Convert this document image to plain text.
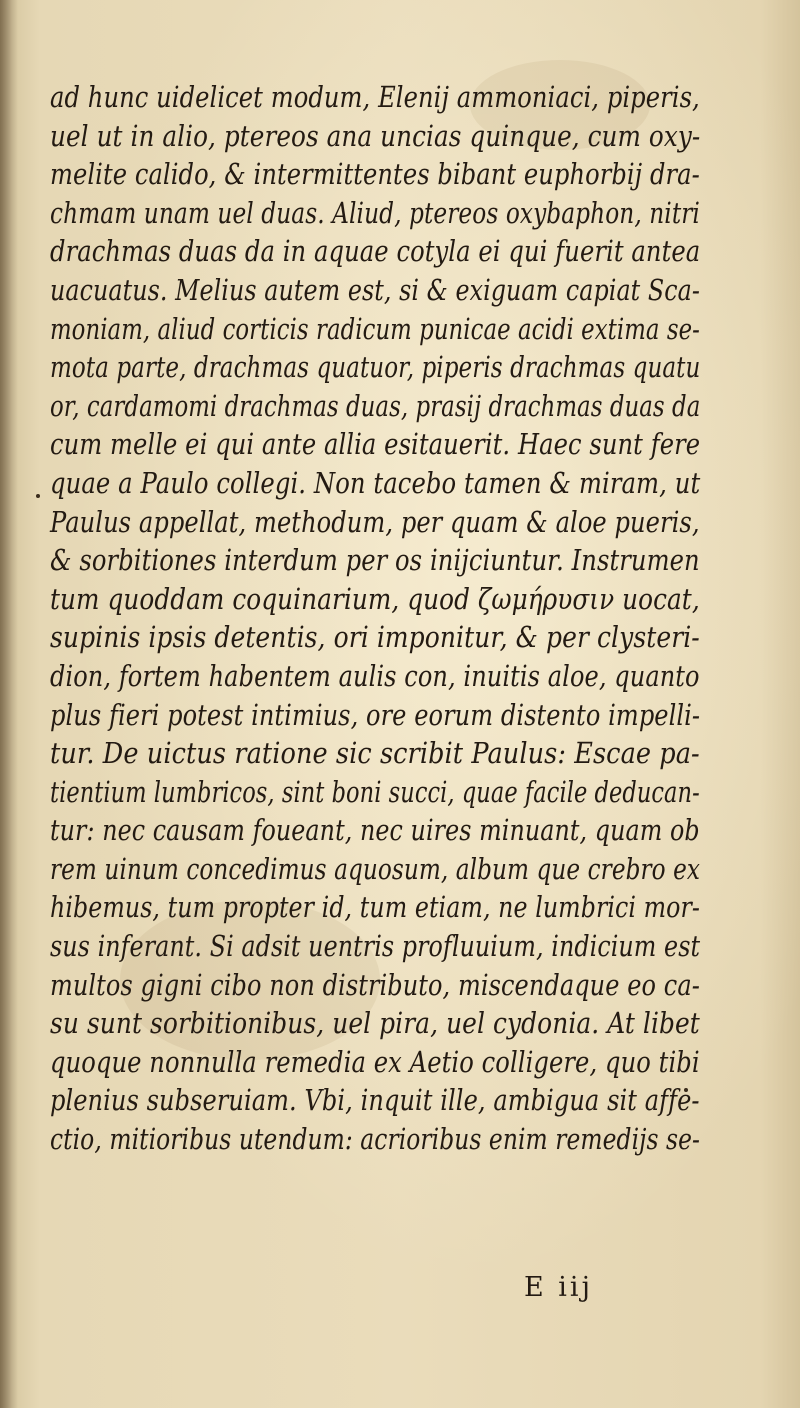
ad hunc uidelicet modum, Elenij ammoniaci, piperis,
uel ut in alio, ptereos ana uncias quinque, cum oxy-
melite calido, & intermittentes bibant euphorbij dra-
chmam unam uel duas. Aliud, ptereos oxybaphon, nitri
drachmas duas da in aquae cotyla ei qui fuerit antea
uacuatus. Melius autem est, si & exiguam capiat Sca-
moniam, aliud corticis radicum punicae acidi extima se-
mota parte, drachmas quatuor, piperis drachmas quatu
or, cardamomi drachmas duas, prasij drachmas duas da
cum melle ei qui ante allia esitauerit. Haec sunt fere
quae a Paulo collegi. Non tacebo tamen & miram, ut
Paulus appellat, methodum, per quam & aloe pueris,
& sorbitiones interdum per os inijciuntur. Instrumen
tum quoddam coquinarium, quod ζωμήρυσιν uocat,
supinis ipsis detentis, ori imponitur, & per clysteri-
dion, fortem habentem aulis con, inuitis aloe, quanto
plus fieri potest intimius, ore eorum distento impelli-
tur. De uictus ratione sic scribit Paulus: Escae pa-
tientium lumbricos, sint boni succi, quae facile deducan-
tur: nec causam foueant, nec uires minuant, quam ob
rem uinum concedimus aquosum, album que crebro ex
hibemus, tum propter id, tum etiam, ne lumbrici mor-
sus inferant. Si adsit uentris profluuium, indicium est
multos gigni cibo non distributo, miscendaque eo ca-
su sunt sorbitionibus, uel pira, uel cydonia. At libet
quoque nonnulla remedia ex Aetio colligere, quo tibi
plenius subseruiam. Vbi, inquit ille, ambigua sit affe-
ctio, mitioribus utendum: acrioribus enim remedijs se-
E iij
